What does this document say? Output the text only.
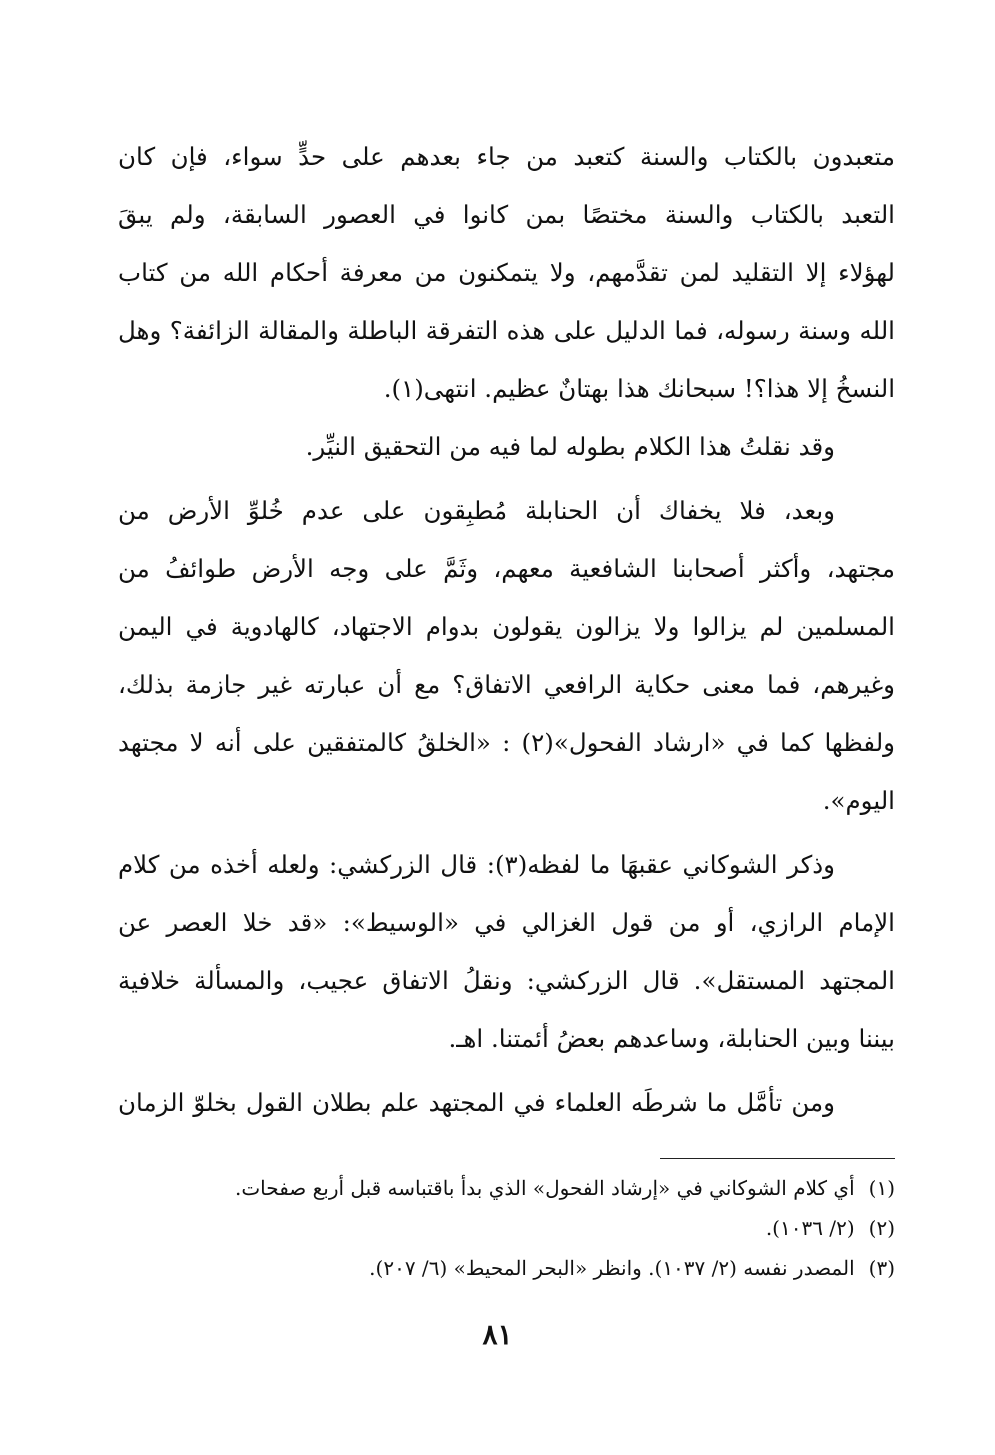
متعبدون بالكتاب والسنة كتعبد من جاء بعدهم على حدٍّ سواء، فإن كان
التعبد بالكتاب والسنة مختصًا بمن كانوا في العصور السابقة، ولم يبقَ
لهؤلاء إلا التقليد لمن تقدَّمهم، ولا يتمكنون من معرفة أحكام الله من كتاب
الله وسنة رسوله، فما الدليل على هذه التفرقة الباطلة والمقالة الزائفة؟ وهل
النسخُ إلا هذا؟! سبحانك هذا بهتانٌ عظيم. انتهى(١).
وقد نقلتُ هذا الكلام بطوله لما فيه من التحقيق النيِّر.
وبعد، فلا يخفاك أن الحنابلة مُطبِقون على عدم خُلوِّ الأرض من
مجتهد، وأكثر أصحابنا الشافعية معهم، وثَمَّ على وجه الأرض طوائفُ من
المسلمين لم يزالوا ولا يزالون يقولون بدوام الاجتهاد، كالهادوية في اليمن
وغيرهم، فما معنى حكاية الرافعي الاتفاق؟ مع أن عبارته غير جازمة بذلك،
ولفظها كما في «ارشاد الفحول»(٢) : «الخلقُ كالمتفقين على أنه لا مجتهد
اليوم».
وذكر الشوكاني عقبهَا ما لفظه(٣): قال الزركشي: ولعله أخذه من كلام
الإمام الرازي، أو من قول الغزالي في «الوسيط»: «قد خلا العصر عن
المجتهد المستقل». قال الزركشي: ونقلُ الاتفاق عجيب، والمسألة خلافية
بيننا وبين الحنابلة، وساعدهم بعضُ أئمتنا. اهـ.
ومن تأمَّل ما شرطَه العلماء في المجتهد علم بطلان القول بخلوّ الزمان
(١)أي كلام الشوكاني في «إرشاد الفحول» الذي بدأ باقتباسه قبل أربع صفحات.
(٢)(٢/ ١٠٣٦).
(٣)المصدر نفسه (٢/ ١٠٣٧). وانظر «البحر المحيط» (٦/ ٢٠٧).
٨١
